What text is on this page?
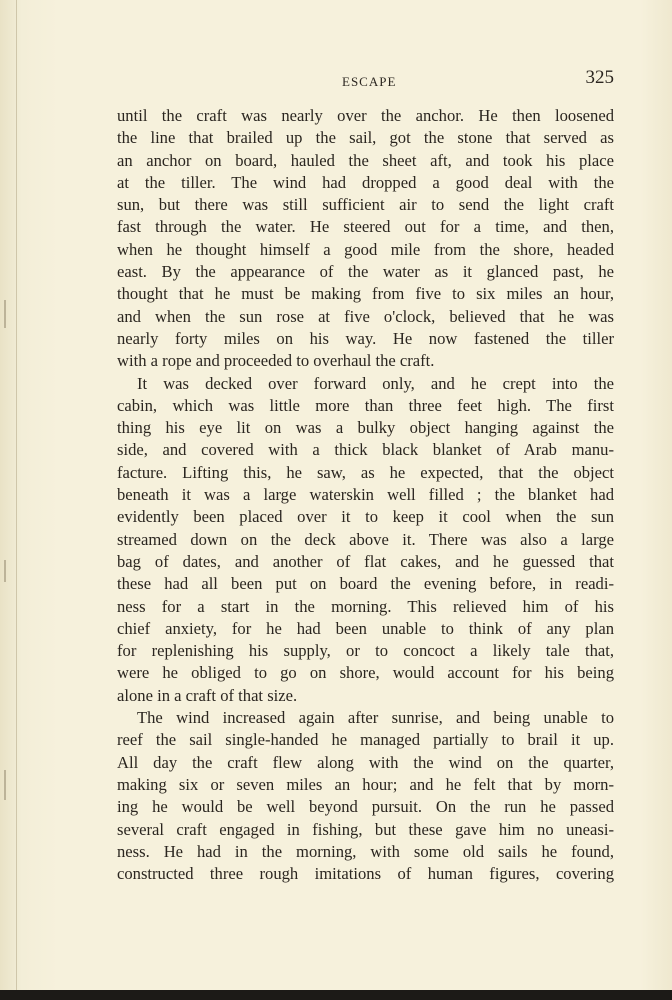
ESCAPE	325
until the craft was nearly over the anchor. He then loosened
the line that brailed up the sail, got the stone that served as
an anchor on board, hauled the sheet aft, and took his place
at the tiller. The wind had dropped a good deal with the
sun, but there was still sufficient air to send the light craft
fast through the water. He steered out for a time, and then,
when he thought himself a good mile from the shore, headed
east. By the appearance of the water as it glanced past, he
thought that he must be making from five to six miles an hour,
and when the sun rose at five o'clock, believed that he was
nearly forty miles on his way. He now fastened the tiller
with a rope and proceeded to overhaul the craft.
It was decked over forward only, and he crept into the
cabin, which was little more than three feet high. The first
thing his eye lit on was a bulky object hanging against the
side, and covered with a thick black blanket of Arab manu-
facture. Lifting this, he saw, as he expected, that the object
beneath it was a large waterskin well filled ; the blanket had
evidently been placed over it to keep it cool when the sun
streamed down on the deck above it. There was also a large
bag of dates, and another of flat cakes, and he guessed that
these had all been put on board the evening before, in readi-
ness for a start in the morning. This relieved him of his
chief anxiety, for he had been unable to think of any plan
for replenishing his supply, or to concoct a likely tale that,
were he obliged to go on shore, would account for his being
alone in a craft of that size.
The wind increased again after sunrise, and being unable to
reef the sail single-handed he managed partially to brail it up.
All day the craft flew along with the wind on the quarter,
making six or seven miles an hour; and he felt that by morn-
ing he would be well beyond pursuit. On the run he passed
several craft engaged in fishing, but these gave him no uneasi-
ness. He had in the morning, with some old sails he found,
constructed three rough imitations of human figures, covering
